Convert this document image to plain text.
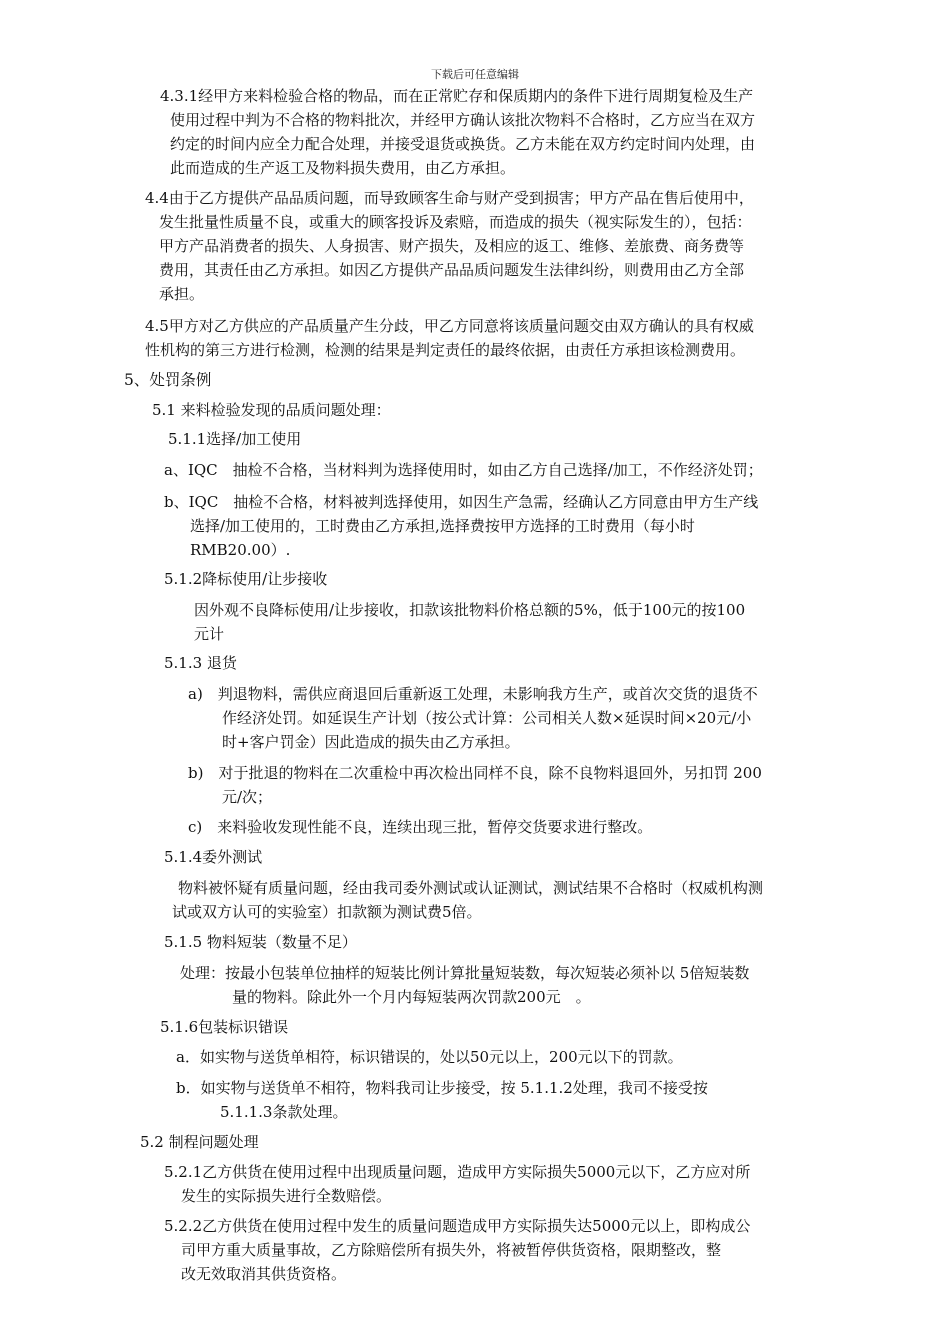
下载后可任意编辑
4.3.1经甲方来料检验合格的物品，而在正常贮存和保质期内的条件下进行周期复检及生产
使用过程中判为不合格的物料批次，并经甲方确认该批次物料不合格时，乙方应当在双方
约定的时间内应全力配合处理，并接受退货或换货。乙方未能在双方约定时间内处理，由
此而造成的生产返工及物料损失费用，由乙方承担。
4.4由于乙方提供产品品质问题，而导致顾客生命与财产受到损害；甲方产品在售后使用中，
发生批量性质量不良，或重大的顾客投诉及索赔，而造成的损失（视实际发生的），包括：
甲方产品消费者的损失、人身损害、财产损失，及相应的返工、维修、差旅费、商务费等
费用，其责任由乙方承担。如因乙方提供产品品质问题发生法律纠纷，则费用由乙方全部
承担。
4.5甲方对乙方供应的产品质量产生分歧，甲乙方同意将该质量问题交由双方确认的具有权威
性机构的第三方进行检测，检测的结果是判定责任的最终依据，由责任方承担该检测费用。
5、处罚条例
5.1 来料检验发现的品质问题处理：
5.1.1选择/加工使用
a、IQC　抽检不合格，当材料判为选择使用时，如由乙方自己选择/加工，不作经济处罚；
b、IQC　抽检不合格，材料被判选择使用，如因生产急需，经确认乙方同意由甲方生产线
选择/加工使用的，工时费由乙方承担,选择费按甲方选择的工时费用（每小时
RMB20.00）.
5.1.2降标使用/让步接收
因外观不良降标使用/让步接收，扣款该批物料价格总额的5%，低于100元的按100
元计
5.1.3 退货
a)　判退物料，需供应商退回后重新返工处理，未影响我方生产，或首次交货的退货不
作经济处罚。如延误生产计划（按公式计算：公司相关人数×延误时间×20元/小
时+客户罚金）因此造成的损失由乙方承担。
b)　对于批退的物料在二次重检中再次检出同样不良，除不良物料退回外，另扣罚 200
元/次；
c)　来料验收发现性能不良，连续出现三批，暂停交货要求进行整改。
5.1.4委外测试
物料被怀疑有质量问题，经由我司委外测试或认证测试，测试结果不合格时（权威机构测
试或双方认可的实验室）扣款额为测试费5倍。
5.1.5 物料短装（数量不足）
处理：按最小包装单位抽样的短装比例计算批量短装数，每次短装必须补以 5倍短装数
量的物料。除此外一个月内每短装两次罚款200元　。
5.1.6包装标识错误
a．如实物与送货单相符，标识错误的，处以50元以上，200元以下的罚款。
b．如实物与送货单不相符，物料我司让步接受，按 5.1.1.2处理，我司不接受按
5.1.1.3条款处理。
5.2 制程问题处理
5.2.1乙方供货在使用过程中出现质量问题，造成甲方实际损失5000元以下，乙方应对所
发生的实际损失进行全数赔偿。
5.2.2乙方供货在使用过程中发生的质量问题造成甲方实际损失达5000元以上，即构成公
司甲方重大质量事故，乙方除赔偿所有损失外，将被暂停供货资格，限期整改，整
改无效取消其供货资格。
